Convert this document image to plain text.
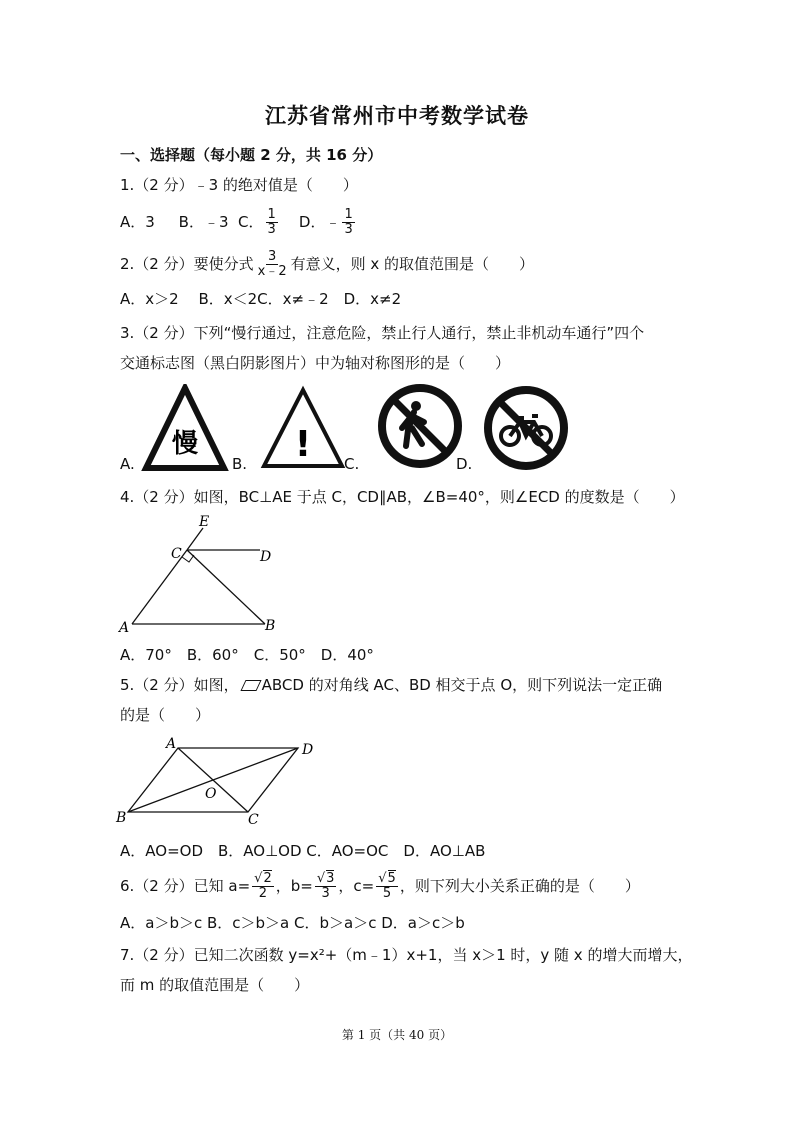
江苏省常州市中考数学试卷
一、选择题（每小题 2 分，共 16 分）
1.（2 分）﹣3 的绝对值是（　　）
A．3 B．﹣3 C． $\frac{1}{3}$ D．﹣ $\frac{1}{3}$
2.（2 分）要使分式 $\frac{3}{x﹣2}$ 有意义，则 x 的取值范围是（　　）
A．x＞2　 B．x＜2C．x≠﹣2　D．x≠2
3.（2 分）下列“慢行通过，注意危险，禁止行人通行，禁止非机动车通行”四个
交通标志图（黑白阴影图片）中为轴对称图形的是（　　）
慢	!
A.	B.	C.	D.
4.（2 分）如图，BC⊥AE 于点 C，CD∥AB，∠B=40°，则∠ECD 的度数是（　　）
E
C	D
A	B
A．70°　B．60°　C．50°　D．40°
5.（2 分）如图， ABCD 的对角线 AC、BD 相交于点 O，则下列说法一定正确
的是（　　）
A	D
O
B	C
A．AO=OD　B．AO⊥OD C．AO=OC　D．AO⊥AB
6.（2 分）已知 $a= \frac{√2}{2}$ ，$b= \frac{√3}{3}$ ，$c= \frac{√5}{5}$ ，则下列大小关系正确的是（　　）
A．a＞b＞c B．c＞b＞a C．b＞a＞c D．a＞c＞b
7.（2 分）已知二次函数 y=x²+（m﹣1）x+1，当 x＞1 时，y 随 x 的增大而增大，
而 m 的取值范围是（　　）
第 1 页（共 40 页）
